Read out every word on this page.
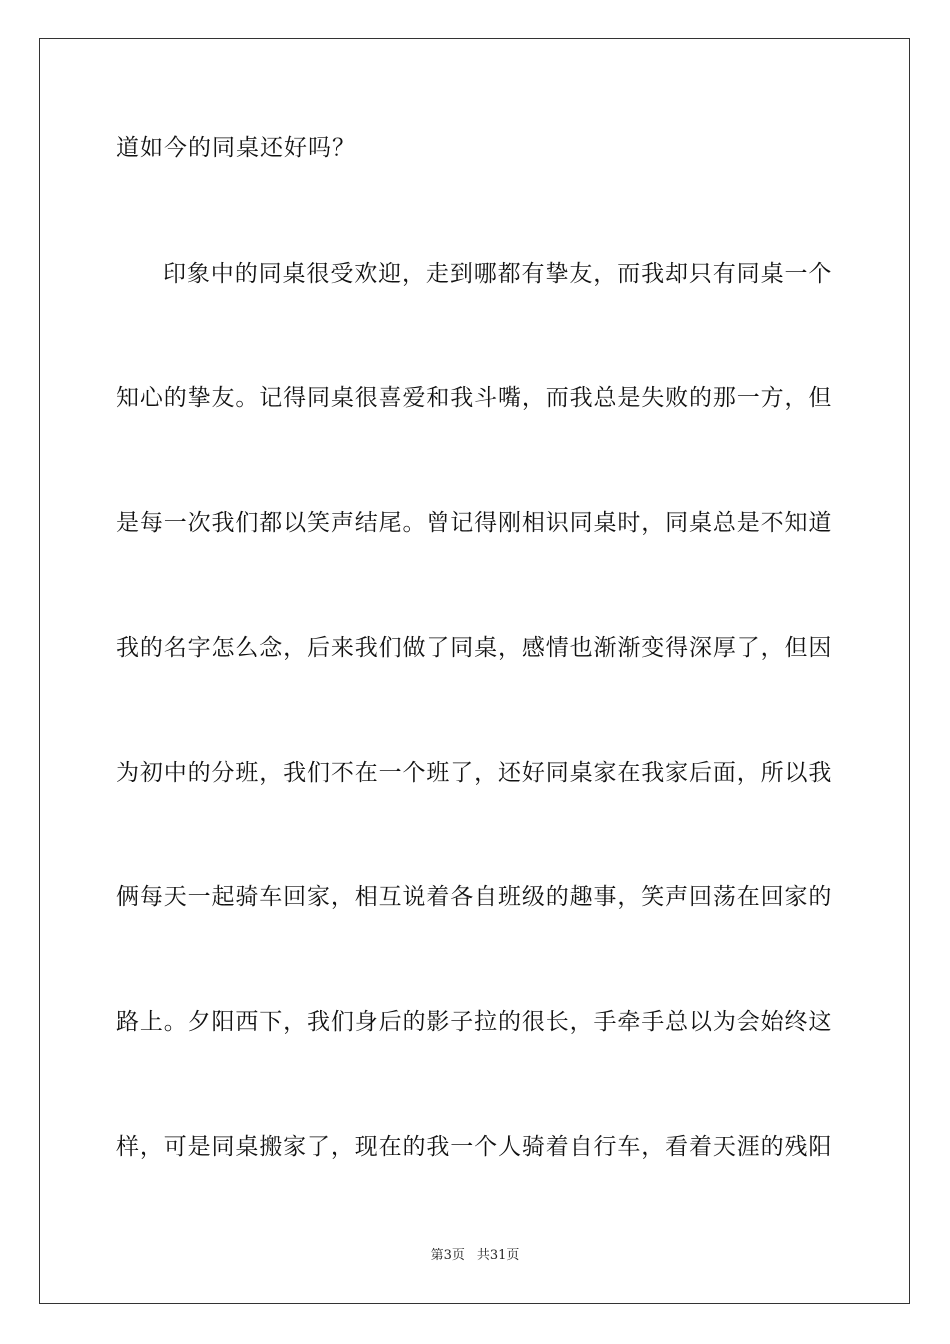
道如今的同桌还好吗？
印象中的同桌很受欢迎，走到哪都有挚友，而我却只有同桌一个
知心的挚友。记得同桌很喜爱和我斗嘴，而我总是失败的那一方，但
是每一次我们都以笑声结尾。曾记得刚相识同桌时，同桌总是不知道
我的名字怎么念，后来我们做了同桌，感情也渐渐变得深厚了，但因
为初中的分班，我们不在一个班了，还好同桌家在我家后面，所以我
俩每天一起骑车回家，相互说着各自班级的趣事，笑声回荡在回家的
路上。夕阳西下，我们身后的影子拉的很长，手牵手总以为会始终这
样，可是同桌搬家了，现在的我一个人骑着自行车，看着天涯的残阳
第3页 共31页
